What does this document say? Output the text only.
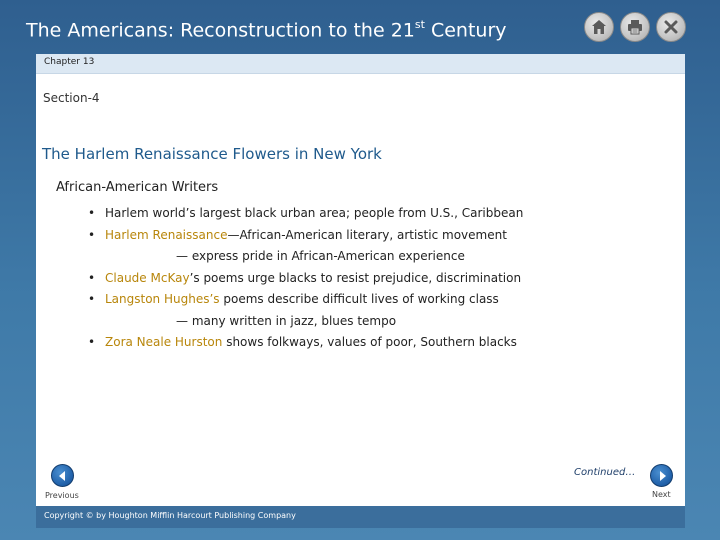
The Americans: Reconstruction to the 21st Century
Chapter 13
Section-4
The Harlem Renaissance Flowers in New York
African-American Writers
• Harlem world’s largest black urban area; people from U.S., Caribbean
• Harlem Renaissance—African-American literary, artistic movement
— express pride in African-American experience
• Claude McKay’s poems urge blacks to resist prejudice, discrimination
• Langston Hughes’s poems describe difficult lives of working class
— many written in jazz, blues tempo
• Zora Neale Hurston shows folkways, values of poor, Southern blacks
Continued…
Previous	Next
Copyright © by Houghton Mifflin Harcourt Publishing Company
